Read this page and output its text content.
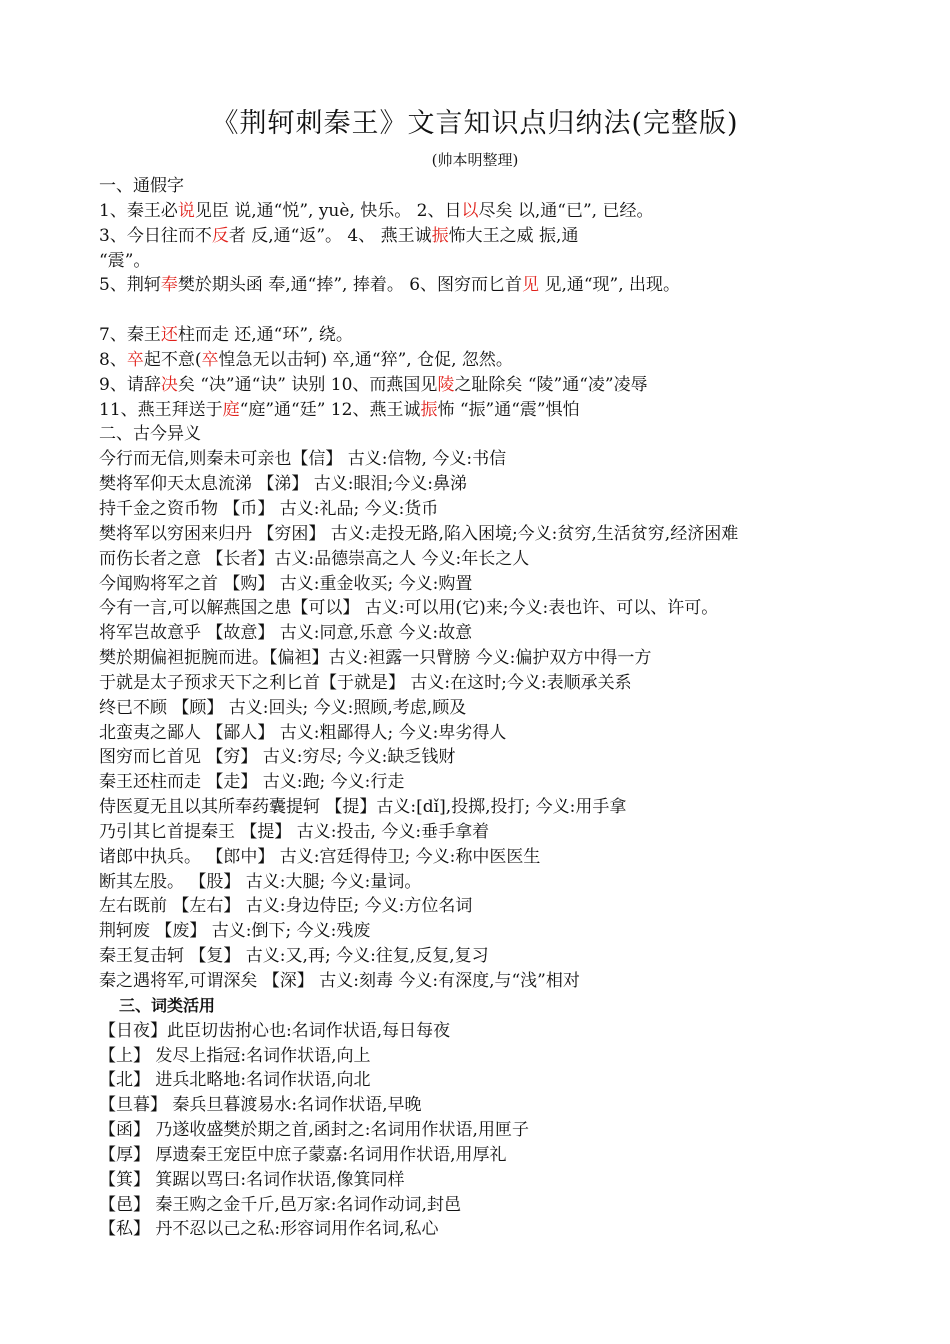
《荆轲刺秦王》文言知识点归纳法(完整版)
(帅本明整理)
一、通假字
1、秦王必说见臣 说,通“悦”, yuè, 快乐。 2、日以尽矣 以,通“已”, 已经。
3、今日往而不反者 反,通“返”。 4、 燕王诚振怖大王之威 振,通
“震”。
5、荆轲奉樊於期头函 奉,通“捧”, 捧着。 6、图穷而匕首见 见,通“现”, 出现。
7、秦王还柱而走 还,通“环”, 绕。
8、卒起不意(卒惶急无以击轲) 卒,通“猝”, 仓促, 忽然。
9、请辞决矣 “决”通“诀” 诀别 10、而燕国见陵之耻除矣 “陵”通“凌”凌辱
11、燕王拜送于庭“庭”通“廷” 12、燕王诚振怖 “振”通“震”惧怕
二、古今异义
今行而无信,则秦未可亲也【信】 古义:信物, 今义:书信
樊将军仰天太息流涕 【涕】 古义:眼泪;今义:鼻涕
持千金之资币物 【币】 古义:礼品; 今义:货币
樊将军以穷困来归丹 【穷困】 古义:走投无路,陷入困境;今义:贫穷,生活贫穷,经济困难
而伤长者之意 【长者】古义:品德崇高之人 今义:年长之人
今闻购将军之首 【购】 古义:重金收买; 今义:购置
今有一言,可以解燕国之患【可以】 古义:可以用(它)来;今义:表也许、可以、许可。
将军岂故意乎 【故意】 古义:同意,乐意 今义:故意
樊於期偏袒扼腕而进。【偏袒】古义:袒露一只臂膀 今义:偏护双方中得一方
于就是太子预求天下之利匕首【于就是】 古义:在这时;今义:表顺承关系
终已不顾 【顾】 古义:回头; 今义:照顾,考虑,顾及
北蛮夷之鄙人 【鄙人】 古义:粗鄙得人; 今义:卑劣得人
图穷而匕首见 【穷】 古义:穷尽; 今义:缺乏钱财
秦王还柱而走 【走】 古义:跑; 今义:行走
侍医夏无且以其所奉药囊提轲 【提】古义:[dǐ],投掷,投打; 今义:用手拿
乃引其匕首提秦王 【提】 古义:投击, 今义:垂手拿着
诸郎中执兵。 【郎中】 古义:宫廷得侍卫; 今义:称中医医生
断其左股。 【股】 古义:大腿; 今义:量词。
左右既前 【左右】 古义:身边侍臣; 今义:方位名词
荆轲废 【废】 古义:倒下; 今义:残废
秦王复击轲 【复】 古义:又,再; 今义:往复,反复,复习
秦之遇将军,可谓深矣 【深】 古义:刻毒 今义:有深度,与“浅”相对
三、词类活用
【日夜】此臣切齿拊心也:名词作状语,每日每夜
【上】 发尽上指冠:名词作状语,向上
【北】 进兵北略地:名词作状语,向北
【旦暮】 秦兵旦暮渡易水:名词作状语,早晚
【函】 乃遂收盛樊於期之首,函封之:名词用作状语,用匣子
【厚】 厚遗秦王宠臣中庶子蒙嘉:名词用作状语,用厚礼
【箕】 箕踞以骂曰:名词作状语,像箕同样
【邑】 秦王购之金千斤,邑万家:名词作动词,封邑
【私】 丹不忍以己之私:形容词用作名词,私心
